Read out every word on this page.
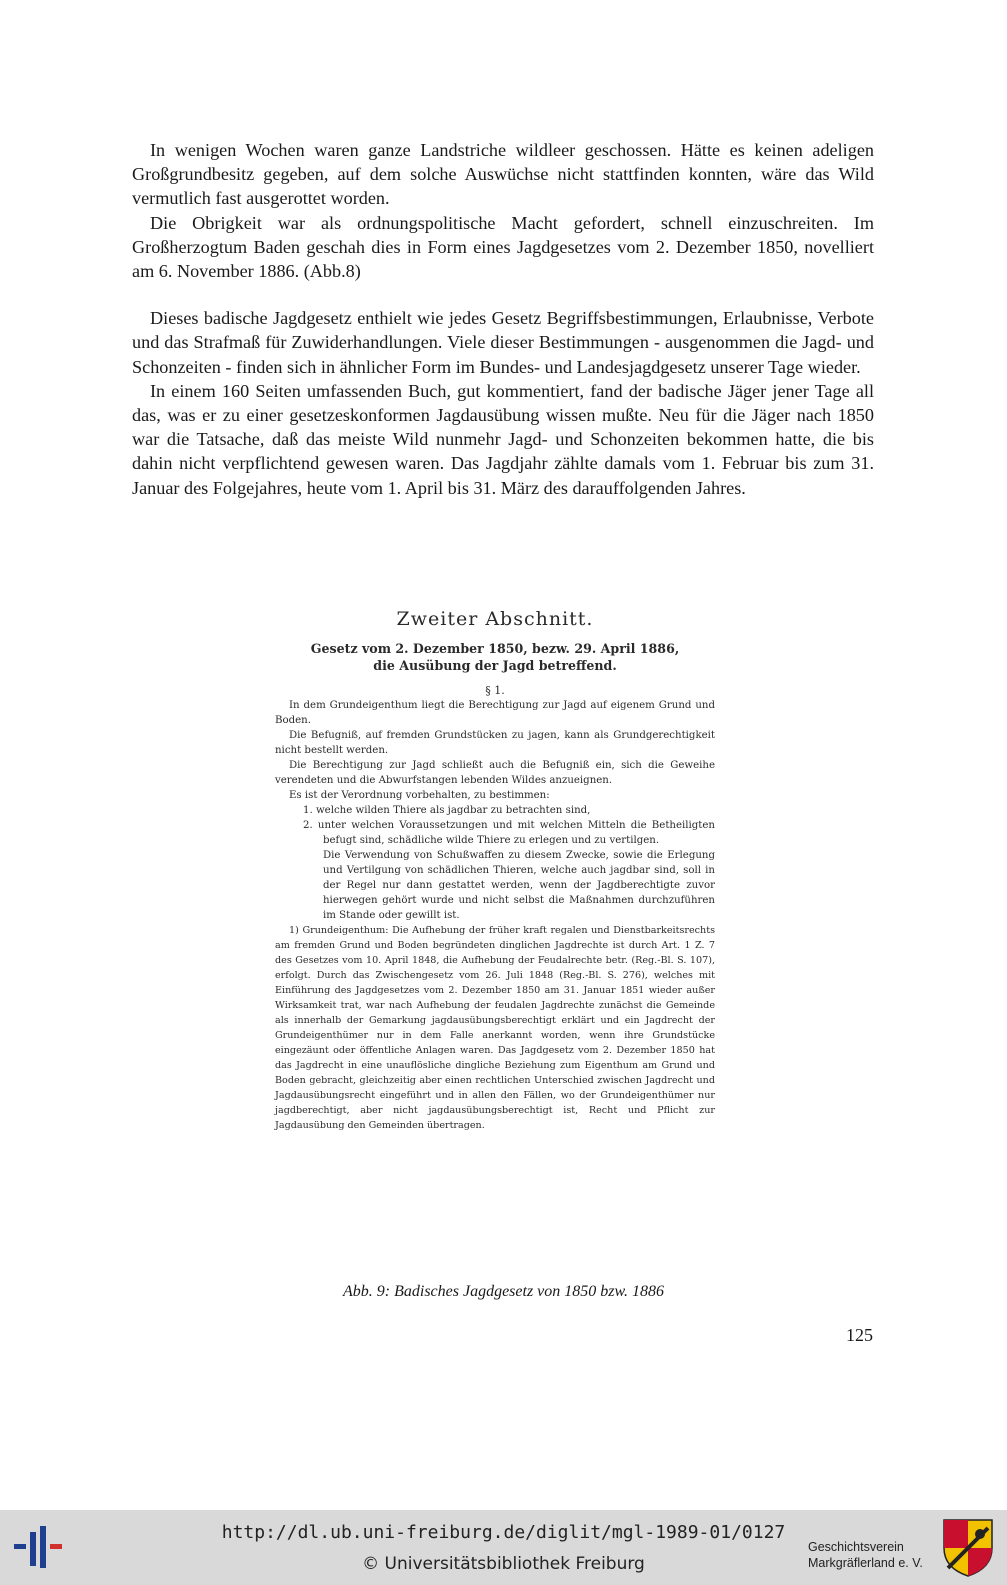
In wenigen Wochen waren ganze Landstriche wildleer geschossen. Hätte es keinen adeligen Großgrundbesitz gegeben, auf dem solche Auswüchse nicht stattfinden konnten, wäre das Wild vermutlich fast ausgerottet worden.

Die Obrigkeit war als ordnungspolitische Macht gefordert, schnell einzuschreiten. Im Großherzogtum Baden geschah dies in Form eines Jagdgesetzes vom 2. Dezember 1850, novelliert am 6. November 1886. (Abb.8)

Dieses badische Jagdgesetz enthielt wie jedes Gesetz Begriffsbestimmungen, Erlaubnisse, Verbote und das Strafmaß für Zuwiderhandlungen. Viele dieser Bestimmungen - ausgenommen die Jagd- und Schonzeiten - finden sich in ähnlicher Form im Bundes- und Landesjagdgesetz unserer Tage wieder.

In einem 160 Seiten umfassenden Buch, gut kommentiert, fand der badische Jäger jener Tage all das, was er zu einer gesetzeskonformen Jagdausübung wissen mußte. Neu für die Jäger nach 1850 war die Tatsache, daß das meiste Wild nunmehr Jagd- und Schonzeiten bekommen hatte, die bis dahin nicht verpflichtend gewesen waren. Das Jagdjahr zählte damals vom 1. Februar bis zum 31. Januar des Folgejahres, heute vom 1. April bis 31. März des darauffolgenden Jahres.

Zweiter Abschnitt.
Gesetz vom 2. Dezember 1850, bezw. 29. April 1886,
die Ausübung der Jagd betreffend.
§ 1.

In dem Grundeigenthum liegt die Berechtigung zur Jagd auf eigenem Grund und Boden.

Die Befugniß, auf fremden Grundstücken zu jagen, kann als Grundgerechtigkeit nicht bestellt werden.

Die Berechtigung zur Jagd schließt auch die Befugniß ein, sich die Geweihe verendeten und die Abwurfstangen lebenden Wildes anzueignen.

Es ist der Verordnung vorbehalten, zu bestimmen:

1. welche wilden Thiere als jagdbar zu betrachten sind,

2. unter welchen Voraussetzungen und mit welchen Mitteln die Betheiligten befugt sind, schädliche wilde Thiere zu erlegen und zu vertilgen.

Die Verwendung von Schußwaffen zu diesem Zwecke, sowie die Erlegung und Vertilgung von schädlichen Thieren, welche auch jagdbar sind, soll in der Regel nur dann gestattet werden, wenn der Jagdberechtigte zuvor hierwegen gehört wurde und nicht selbst die Maßnahmen durchzuführen im Stande oder gewillt ist.

1) Grundeigenthum: Die Aufhebung der früher kraft regalen und Dienstbarkeitsrechts am fremden Grund und Boden begründeten dinglichen Jagdrechte ist durch Art. 1 Z. 7 des Gesetzes vom 10. April 1848, die Aufhebung der Feudalrechte betr. (Reg.-Bl. S. 107), erfolgt. Durch das Zwischengesetz vom 26. Juli 1848 (Reg.-Bl. S. 276), welches mit Einführung des Jagdgesetzes vom 2. Dezember 1850 am 31. Januar 1851 wieder außer Wirksamkeit trat, war nach Aufhebung der feudalen Jagdrechte zunächst die Gemeinde als innerhalb der Gemarkung jagdausübungsberechtigt erklärt und ein Jagdrecht der Grundeigenthümer nur in dem Falle anerkannt worden, wenn ihre Grundstücke eingezäunt oder öffentliche Anlagen waren. Das Jagdgesetz vom 2. Dezember 1850 hat das Jagdrecht in eine unauflösliche dingliche Beziehung zum Eigenthum am Grund und Boden gebracht, gleichzeitig aber einen rechtlichen Unterschied zwischen Jagdrecht und Jagdausübungsrecht eingeführt und in allen den Fällen, wo der Grundeigenthümer nur jagdberechtigt, aber nicht jagdausübungsberechtigt ist, Recht und Pflicht zur Jagdausübung den Gemeinden übertragen.

Abb. 9: Badisches Jagdgesetz von 1850 bzw. 1886
125
http://dl.ub.uni-freiburg.de/diglit/mgl-1989-01/0127
© Universitätsbibliothek Freiburg
Geschichtsverein
Markgräflerland e. V.
